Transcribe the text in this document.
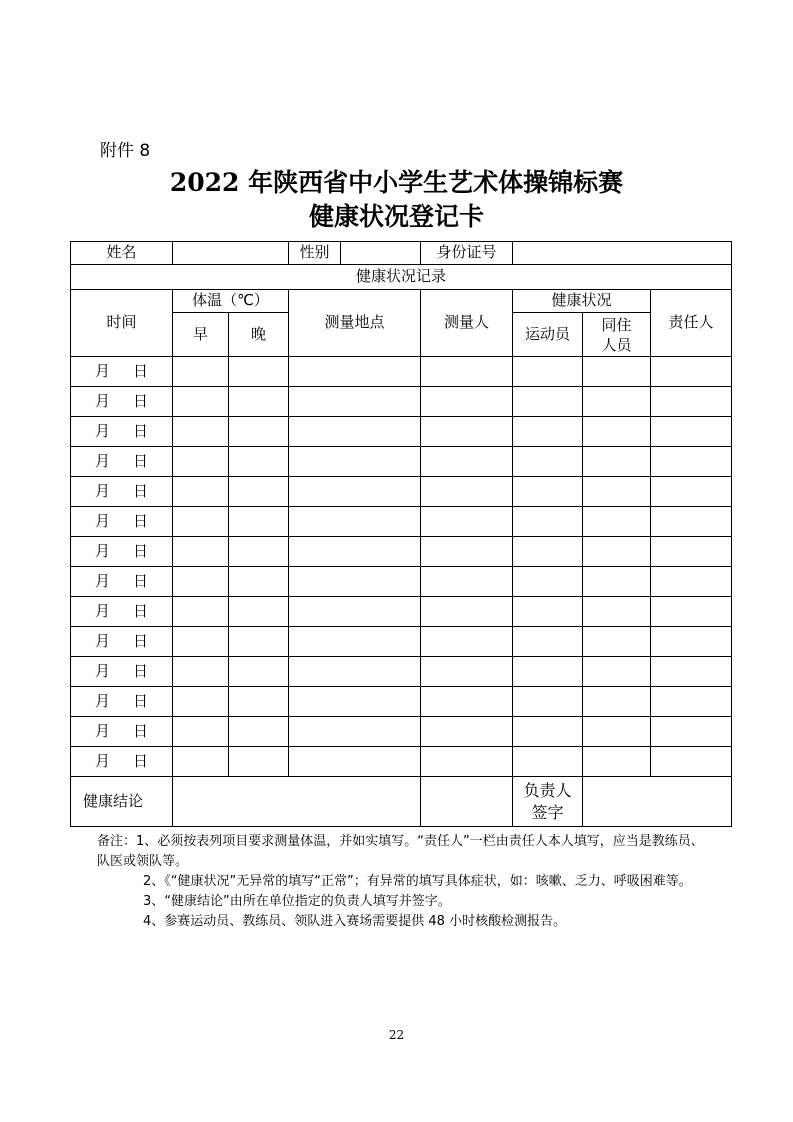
附件 8
2022 年陕西省中小学生艺术体操锦标赛
健康状况登记卡
姓名			性别		身份证号			
健康状况记录								
时间	体温（℃）		测量地点		测量人	健康状况		责任人
	早	晚				运动员	同住人员	
月 日								
月 日								
月 日								
月 日								
月 日								
月 日								
月 日								
月 日								
月 日								
月 日								
月 日								
月 日								
月 日								
月 日								
健康结论						负责人签字		

备注：1、必须按表列项目要求测量体温，并如实填写。“责任人”一栏由责任人本人填写，应当是教练员、队医或领队等。

2、《“健康状况”无异常的填写“正常”；有异常的填写具体症状，如：咳嗽、乏力、呼吸困难等。

3、“健康结论”由所在单位指定的负责人填写并签字。

4、参赛运动员、教练员、领队进入赛场需要提供 48 小时核酸检测报告。

22
